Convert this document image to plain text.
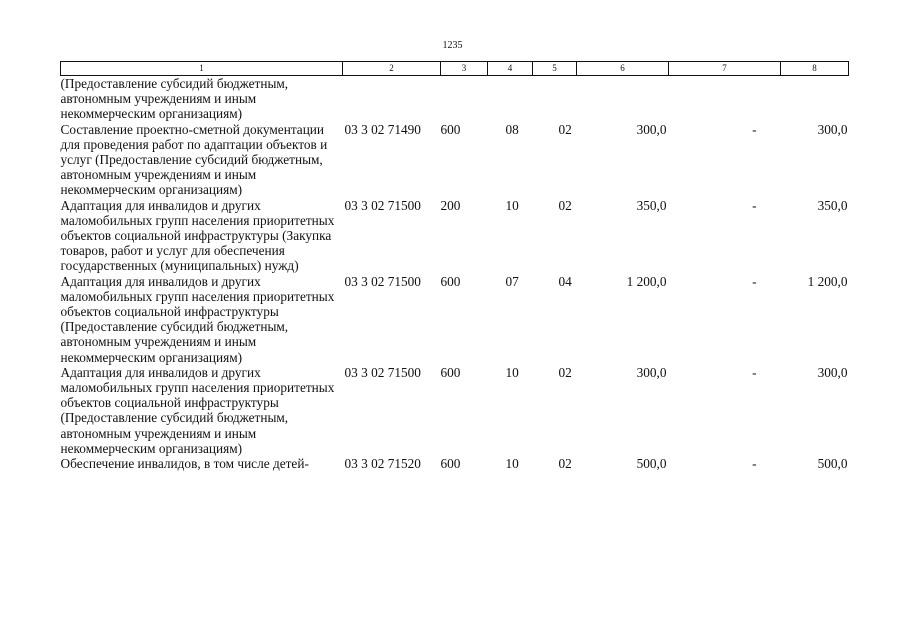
1235
1	2	3	4	5	6	7	8
(Предоставление субсидий бюджетным, автономным учреждениям и иным некоммерческим организациям)							
Составление проектно-сметной документации для проведения работ по адаптации объектов и услуг (Предоставление субсидий бюджетным, автономным учреждениям и иным некоммерческим организациям)	03 3 02 71490	600	08	02	300,0	-	300,0
Адаптация для инвалидов и других маломобильных групп населения приоритетных объектов социальной инфраструктуры (Закупка товаров, работ и услуг для обеспечения государственных (муниципальных) нужд)	03 3 02 71500	200	10	02	350,0	-	350,0
Адаптация для инвалидов и других маломобильных групп населения приоритетных объектов социальной инфраструктуры (Предоставление субсидий бюджетным, автономным учреждениям и иным некоммерческим организациям)	03 3 02 71500	600	07	04	1 200,0	-	1 200,0
Адаптация для инвалидов и других маломобильных групп населения приоритетных объектов социальной инфраструктуры (Предоставление субсидий бюджетным, автономным учреждениям и иным некоммерческим организациям)	03 3 02 71500	600	10	02	300,0	-	300,0
Обеспечение инвалидов, в том числе детей-	03 3 02 71520	600	10	02	500,0	-	500,0
